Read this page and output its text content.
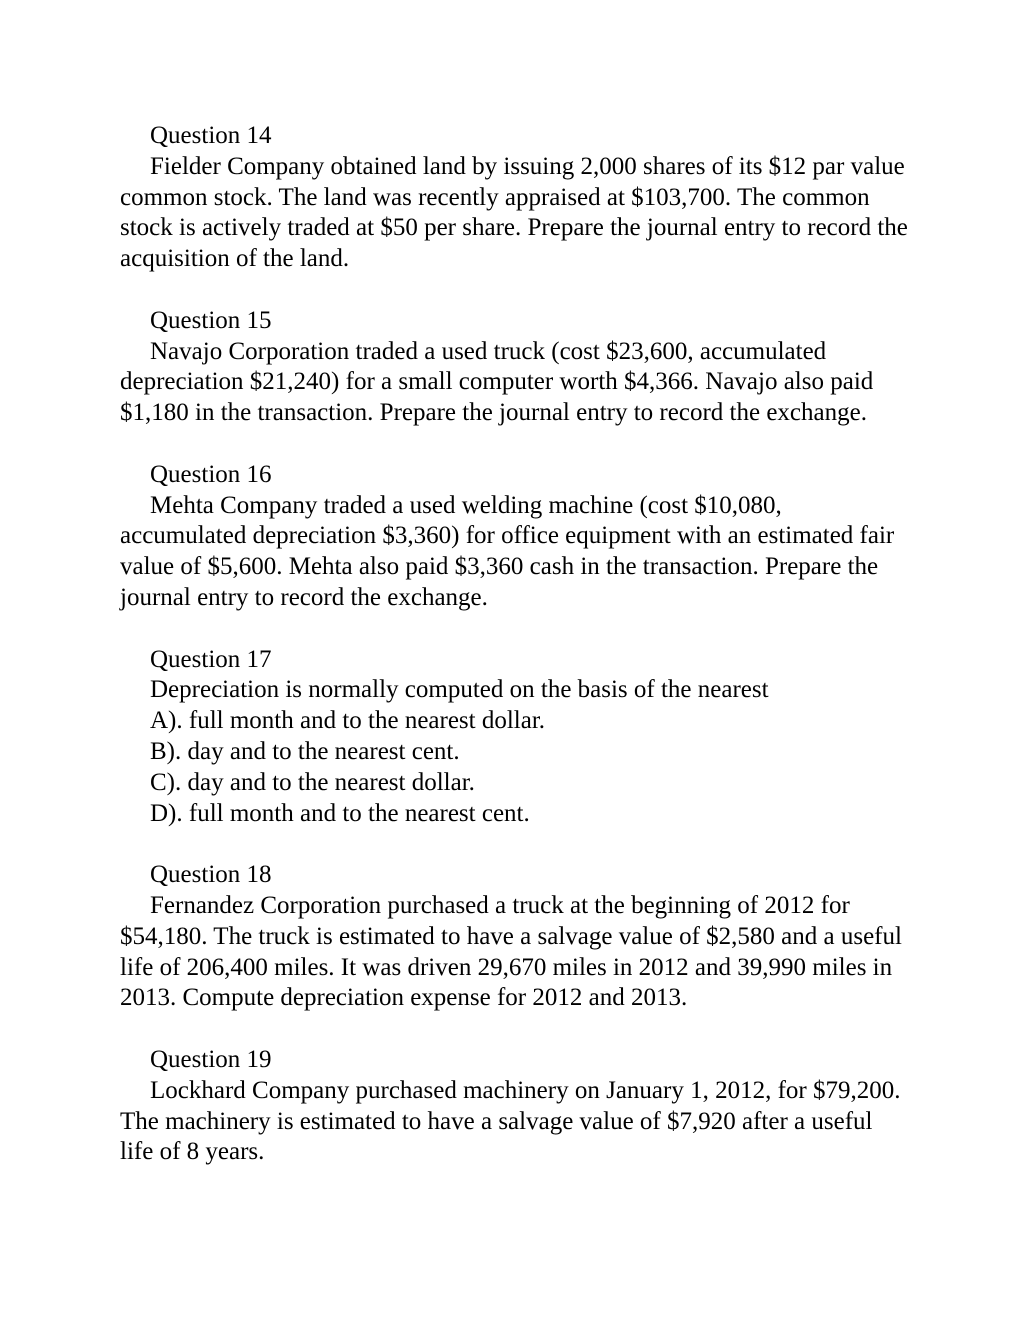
Question 14

Fielder Company obtained land by issuing 2,000 shares of its $12 par value common stock. The land was recently appraised at $103,700. The common stock is actively traded at $50 per share. Prepare the journal entry to record the acquisition of the land.

Question 15

Navajo Corporation traded a used truck (cost $23,600, accumulated depreciation $21,240) for a small computer worth $4,366. Navajo also paid $1,180 in the transaction. Prepare the journal entry to record the exchange.

Question 16

Mehta Company traded a used welding machine (cost $10,080, accumulated depreciation $3,360) for office equipment with an estimated fair value of $5,600. Mehta also paid $3,360 cash in the transaction. Prepare the journal entry to record the exchange.

Question 17

Depreciation is normally computed on the basis of the nearest

A). full month and to the nearest dollar.
B). day and to the nearest cent.
C). day and to the nearest dollar.
D). full month and to the nearest cent.
Question 18

Fernandez Corporation purchased a truck at the beginning of 2012 for $54,180. The truck is estimated to have a salvage value of $2,580 and a useful life of 206,400 miles. It was driven 29,670 miles in 2012 and 39,990 miles in 2013. Compute depreciation expense for 2012 and 2013.

Question 19

Lockhard Company purchased machinery on January 1, 2012, for $79,200. The machinery is estimated to have a salvage value of $7,920 after a useful life of 8 years.
